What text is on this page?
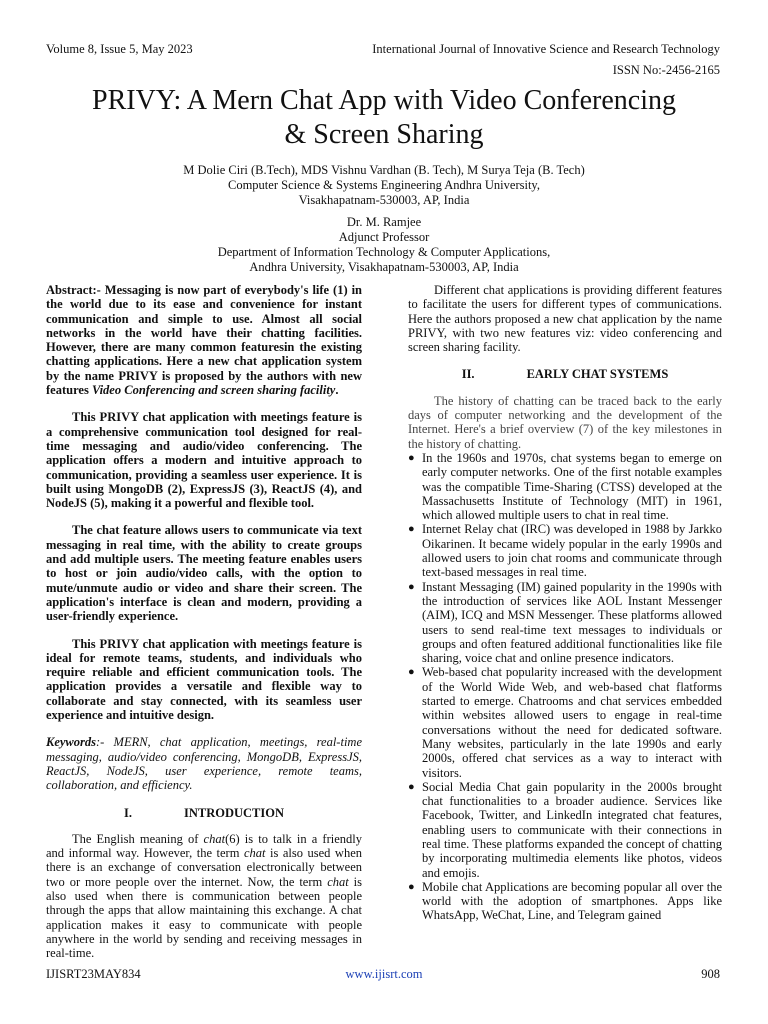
Volume 8, Issue 5, May 2023	International Journal of Innovative Science and Research Technology
ISSN No:-2456-2165
PRIVY: A Mern Chat App with Video Conferencing
& Screen Sharing
M Dolie Ciri (B.Tech), MDS Vishnu Vardhan (B. Tech), M Surya Teja (B. Tech)
Computer Science & Systems Engineering Andhra University,
Visakhapatnam-530003, AP, India
Dr. M. Ramjee
Adjunct Professor
Department of Information Technology & Computer Applications,
Andhra University, Visakhapatnam-530003, AP, India

Abstract:- Messaging is now part of everybody's life (1) in the world due to its ease and convenience for instant communication and simple to use. Almost all social networks in the world have their chatting facilities. However, there are many common featuresin the existing chatting applications. Here a new chat application system by the name PRIVY is proposed by the authors with new features Video Conferencing and screen sharing facility.

This PRIVY chat application with meetings feature is a comprehensive communication tool designed for real-time messaging and audio/video conferencing. The application offers a modern and intuitive approach to communication, providing a seamless user experience. It is built using MongoDB (2), ExpressJS (3), ReactJS (4), and NodeJS (5), making it a powerful and flexible tool.

The chat feature allows users to communicate via text messaging in real time, with the ability to create groups and add multiple users. The meeting feature enables users to host or join audio/video calls, with the option to mute/unmute audio or video and share their screen. The application's interface is clean and modern, providing a user-friendly experience.

This PRIVY chat application with meetings feature is ideal for remote teams, students, and individuals who require reliable and efficient communication tools. The application provides a versatile and flexible way to collaborate and stay connected, with its seamless user experience and intuitive design.

Keywords:- MERN, chat application, meetings, real-time messaging, audio/video conferencing, MongoDB, ExpressJS, ReactJS, NodeJS, user experience, remote teams, collaboration, and efficiency.

I.	INTRODUCTION

The English meaning of chat(6) is to talk in a friendly and informal way. However, the term chat is also used when there is an exchange of conversation electronically between two or more people over the internet. Now, the term chat is also used when there is communication between people through the apps that allow maintaining this exchange. A chat application makes it easy to communicate with people anywhere in the world by sending and receiving messages in real-time.

Different chat applications is providing different features to facilitate the users for different types of communications. Here the authors proposed a new chat application by the name PRIVY, with two new features viz: video conferencing and screen sharing facility.

II.	EARLY CHAT SYSTEMS

The history of chatting can be traced back to the early days of computer networking and the development of the Internet. Here's a brief overview (7) of the key milestones in the history of chatting.

● In the 1960s and 1970s, chat systems began to emerge on early computer networks. One of the first notable examples was the compatible Time-Sharing (CTSS) developed at the Massachusetts Institute of Technology (MIT) in 1961, which allowed multiple users to chat in real time.
● Internet Relay chat (IRC) was developed in 1988 by Jarkko Oikarinen. It became widely popular in the early 1990s and allowed users to join chat rooms and communicate through text-based messages in real time.
● Instant Messaging (IM) gained popularity in the 1990s with the introduction of services like AOL Instant Messenger (AIM), ICQ and MSN Messenger. These platforms allowed users to send real-time text messages to individuals or groups and often featured additional functionalities like file sharing, voice chat and online presence indicators.
● Web-based chat popularity increased with the development of the World Wide Web, and web-based chat flatforms started to emerge. Chatrooms and chat services embedded within websites allowed users to engage in real-time conversations without the need for dedicated software. Many websites, particularly in the late 1990s and early 2000s, offered chat services as a way to interact with visitors.
● Social Media Chat gain popularity in the 2000s brought chat functionalities to a broader audience. Services like Facebook, Twitter, and LinkedIn integrated chat features, enabling users to communicate with their connections in real time. These platforms expanded the concept of chatting by incorporating multimedia elements like photos, videos and emojis.
● Mobile chat Applications are becoming popular all over the world with the adoption of smartphones. Apps like WhatsApp, WeChat, Line, and Telegram gained
IJISRT23MAY834	www.ijisrt.com	908
